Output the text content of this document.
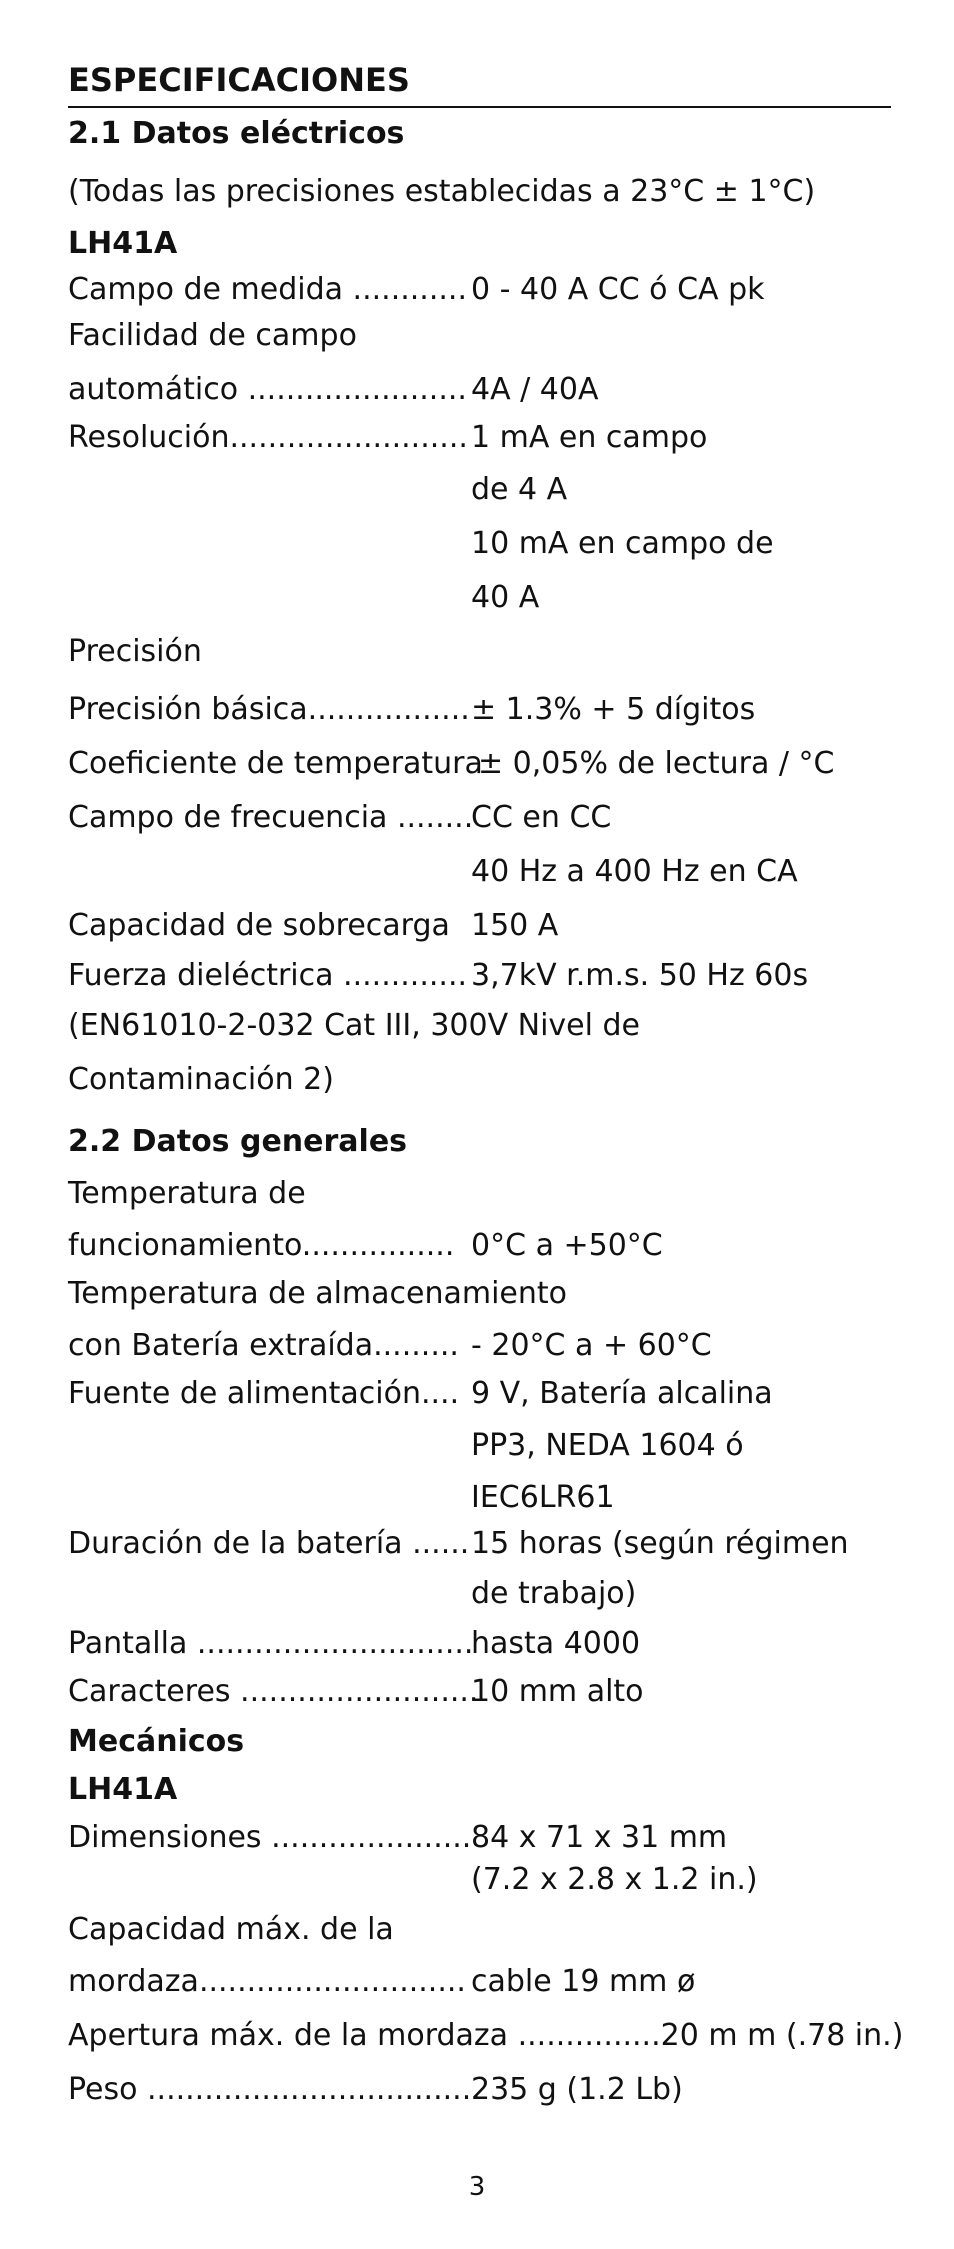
ESPECIFICACIONES
2.1 Datos eléctricos
(Todas las precisiones establecidas a 23°C ± 1°C)
LH41A
Campo de medida ............ 0 - 40 A CC ó CA pk
Facilidad de campo
automático ....................... 4A / 40A
Resolución......................... 1 mA en campo
de 4 A
10 mA en campo de
40 A
Precisión
Precisión básica................. ± 1.3% + 5 dígitos
Coeficiente de temperatura
± 0,05% de lectura / °C
Campo de frecuencia ........
CC en CC
40 Hz a 400 Hz en CA
Capacidad de sobrecarga 150 A
Fuerza dieléctrica ............. 3,7kV r.m.s. 50 Hz 60s
(EN61010-2-032 Cat III, 300V Nivel de
Contaminación 2)
2.2 Datos generales
Temperatura de
funcionamiento................ 0°C a +50°C
Temperatura de almacenamiento
con Batería extraída......... - 20°C a + 60°C
Fuente de alimentación.... 9 V, Batería alcalina
PP3, NEDA 1604 ó
IEC6LR61
Duración de la batería ...... 15 horas (según régimen
de trabajo)
Pantalla .............................
hasta 4000
Caracteres .........................
10 mm alto
Mecánicos
LH41A
Dimensiones ..................... 84 x 71 x 31 mm
(7.2 x 2.8 x 1.2 in.)
Capacidad máx. de la
mordaza............................ cable 19 mm ø
Apertura máx. de la mordaza ...............20 m m (.78 in.)
Peso ...................................
235 g (1.2 Lb)
3
